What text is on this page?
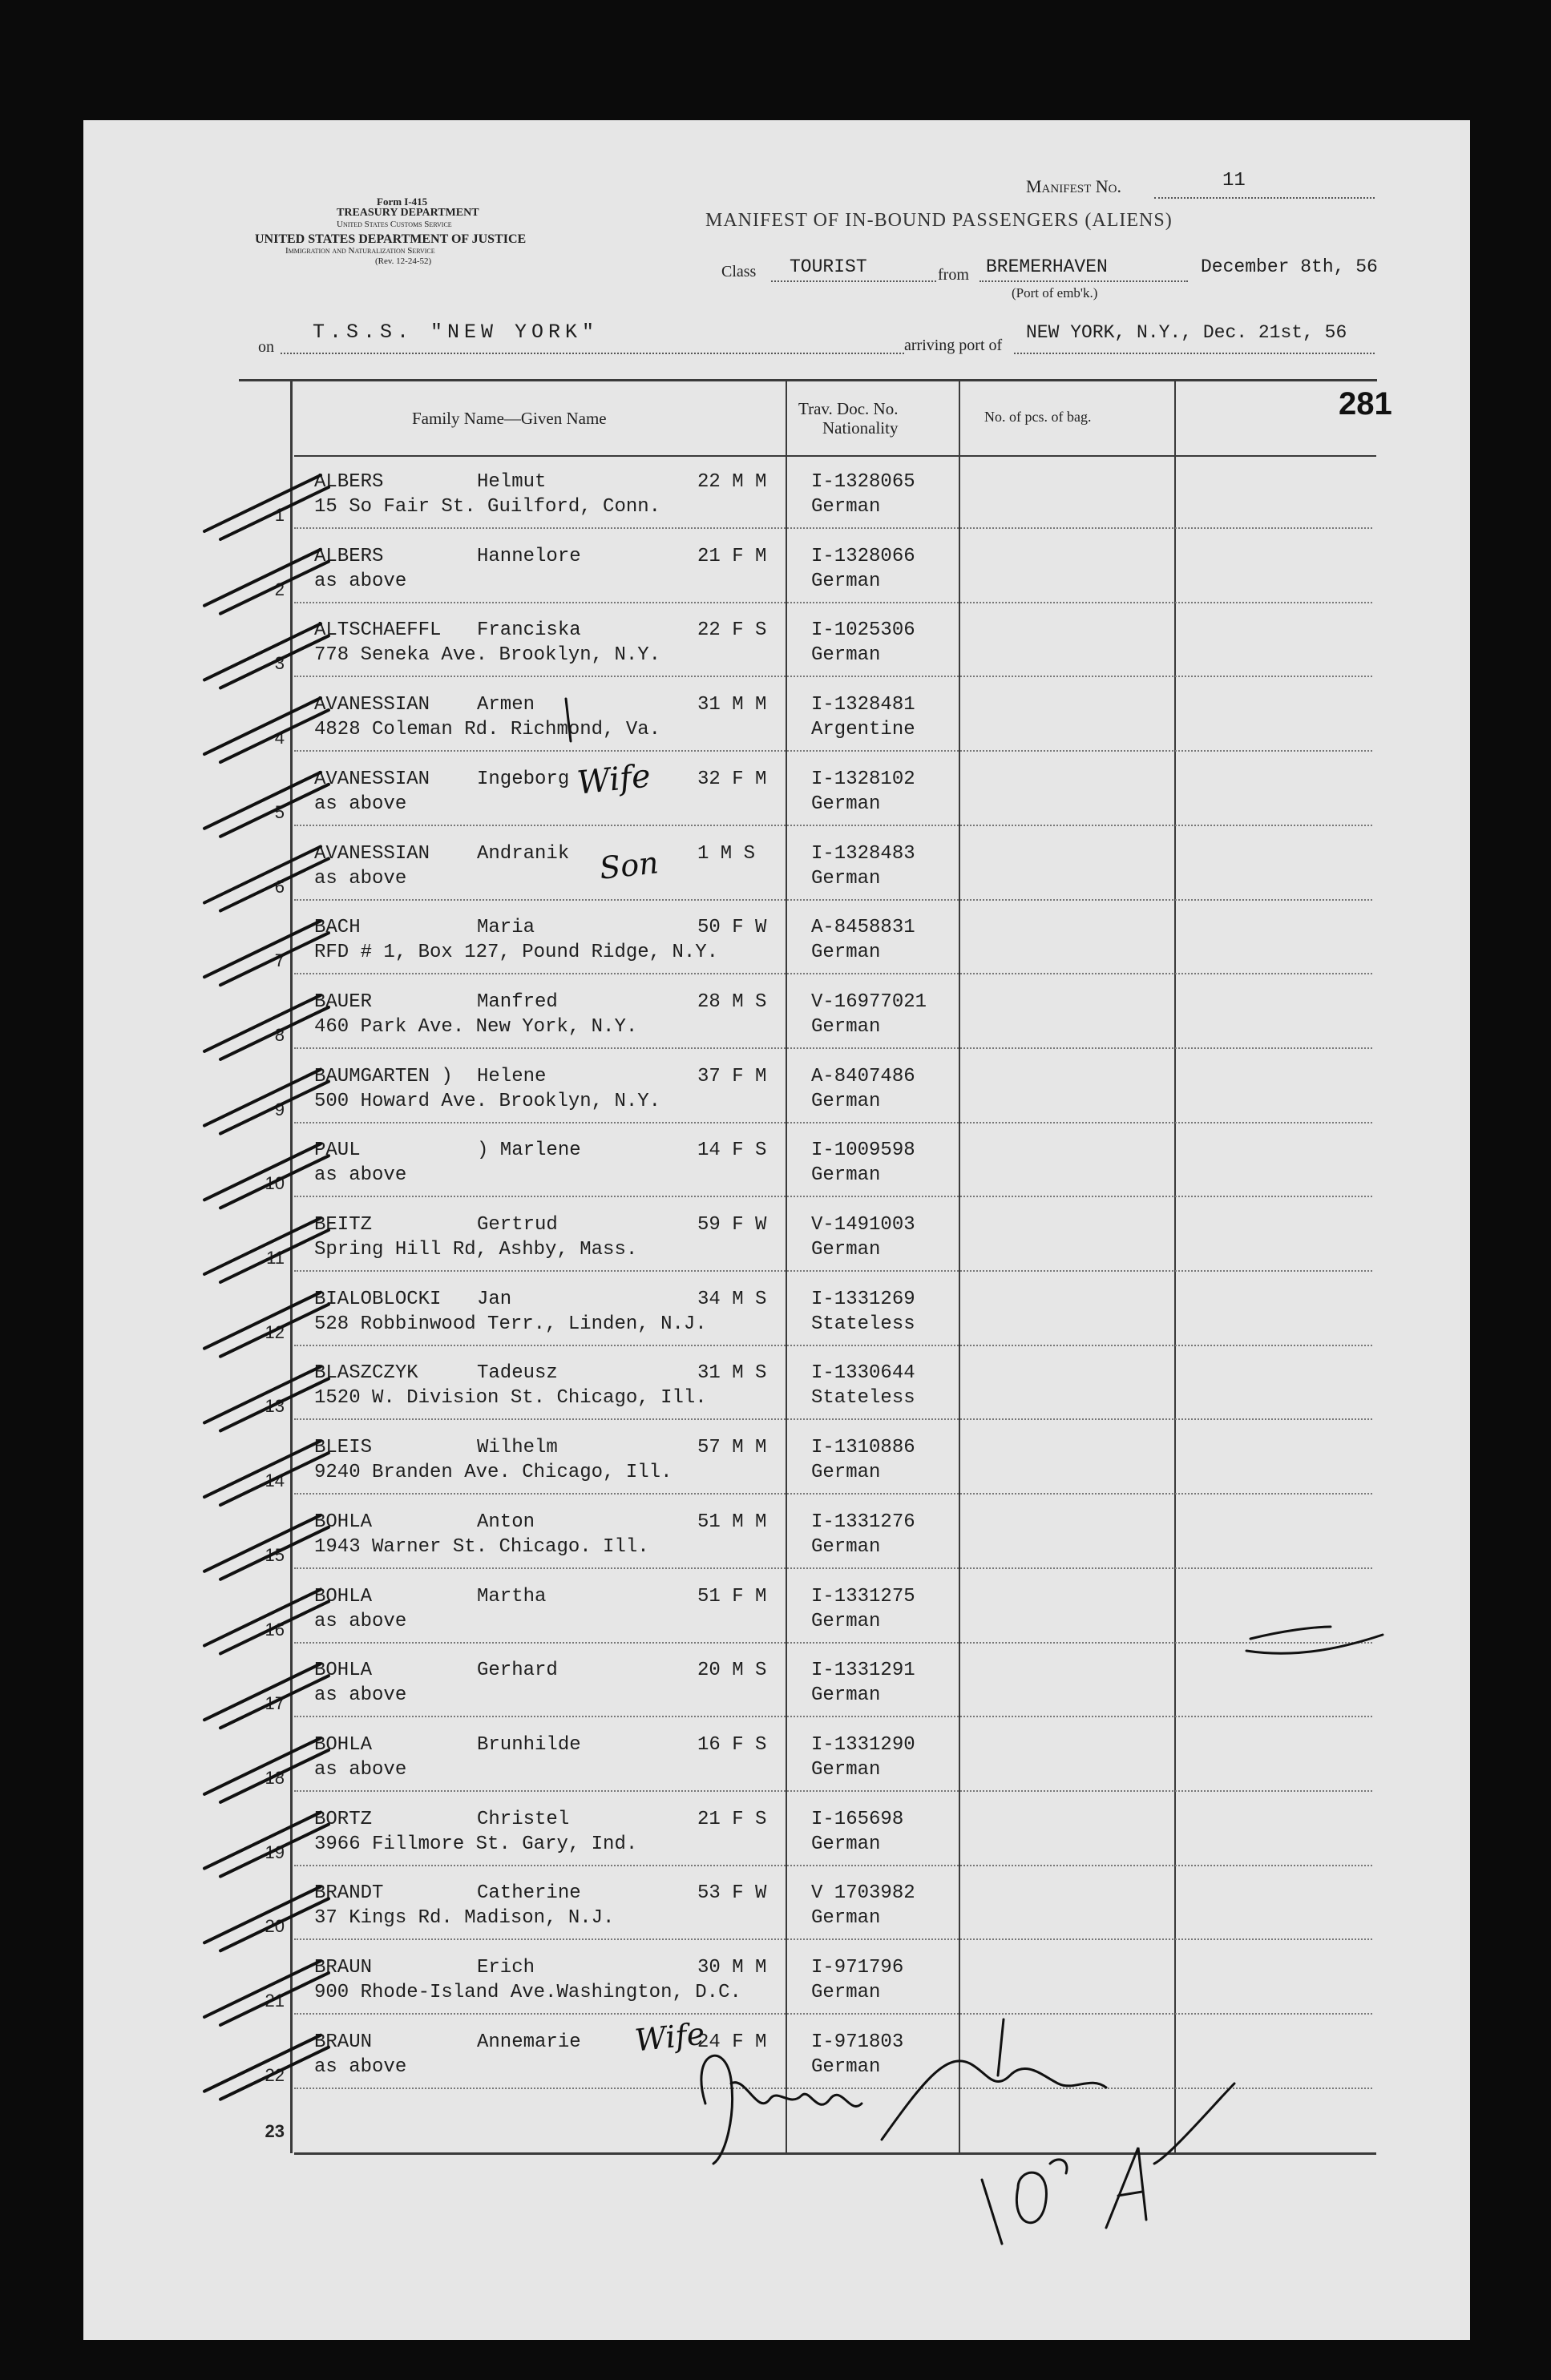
Form I-415
TREASURY DEPARTMENT
United States Customs Service
UNITED STATES DEPARTMENT OF JUSTICE
Immigration and Naturalization Service
(Rev. 12-24-52)
Manifest No.	11
MANIFEST OF IN-BOUND PASSENGERS (ALIENS)
Class TOURIST	from BREMERHAVEN	December 8th, 56
(Port of emb'k.)
on
T.S.S. "NEW YORK"
arriving port of
NEW YORK, N.Y., Dec. 21st, 56
281
Family Name—Given Name	Trav. Doc. No.
Nationality
No. of pcs. of bag.
1
ALBERS	Helmut	22 M M
15 So Fair St. Guilford, Conn.
I-1328065
German
2
ALBERS	Hannelore	21 F M
as above
I-1328066
German
3
ALTSCHAEFFL Franciska	22 F S
778 Seneka Ave. Brooklyn, N.Y.
I-1025306
German
4
AVANESSIAN Armen	31 M M
4828 Coleman Rd. Richmond, Va.
I-1328481
Argentine
5
AVANESSIAN Ingeborg	32 F M
as above
I-1328102
German
6
AVANESSIAN Andranik	1 M S
as above
I-1328483
German
7
BACH	Maria	50 F W
RFD # 1, Box 127, Pound Ridge, N.Y.
A-8458831
German
8
BAUER	Manfred	28 M S
460 Park Ave. New York, N.Y.
V-16977021
German
9
BAUMGARTEN ) Helene	37 F M
500 Howard Ave. Brooklyn, N.Y.
A-8407486
German
10
PAUL	) Marlene	14 F S
as above
I-1009598
German
11
BEITZ	Gertrud	59 F W
Spring Hill Rd, Ashby, Mass.
V-1491003
German
12
BIALOBLOCKI Jan	34 M S
528 Robbinwood Terr., Linden, N.J.
I-1331269
Stateless
13
BLASZCZYK	Tadeusz	31 M S
1520 W. Division St. Chicago, Ill.
I-1330644
Stateless
14
BLEIS	Wilhelm	57 M M
9240 Branden Ave. Chicago, Ill.
I-1310886
German
15
BOHLA	Anton	51 M M
1943 Warner St. Chicago. Ill.
I-1331276
German
16
BOHLA	Martha	51 F M
as above
I-1331275
German
17
BOHLA	Gerhard	20 M S
as above
I-1331291
German
18
BOHLA	Brunhilde	16 F S
as above
I-1331290
German
19
BORTZ	Christel	21 F S
3966 Fillmore St. Gary, Ind.
I-165698
German
20
BRANDT	Catherine	53 F W
37 Kings Rd. Madison, N.J.
V 1703982
German
21
BRAUN	Erich	30 M M
900 Rhode-Island Ave.Washington, D.C.
I-971796
German
22
BRAUN	Annemarie	24 F M
as above
I-971803
German
23
Wife
Son
Wife
